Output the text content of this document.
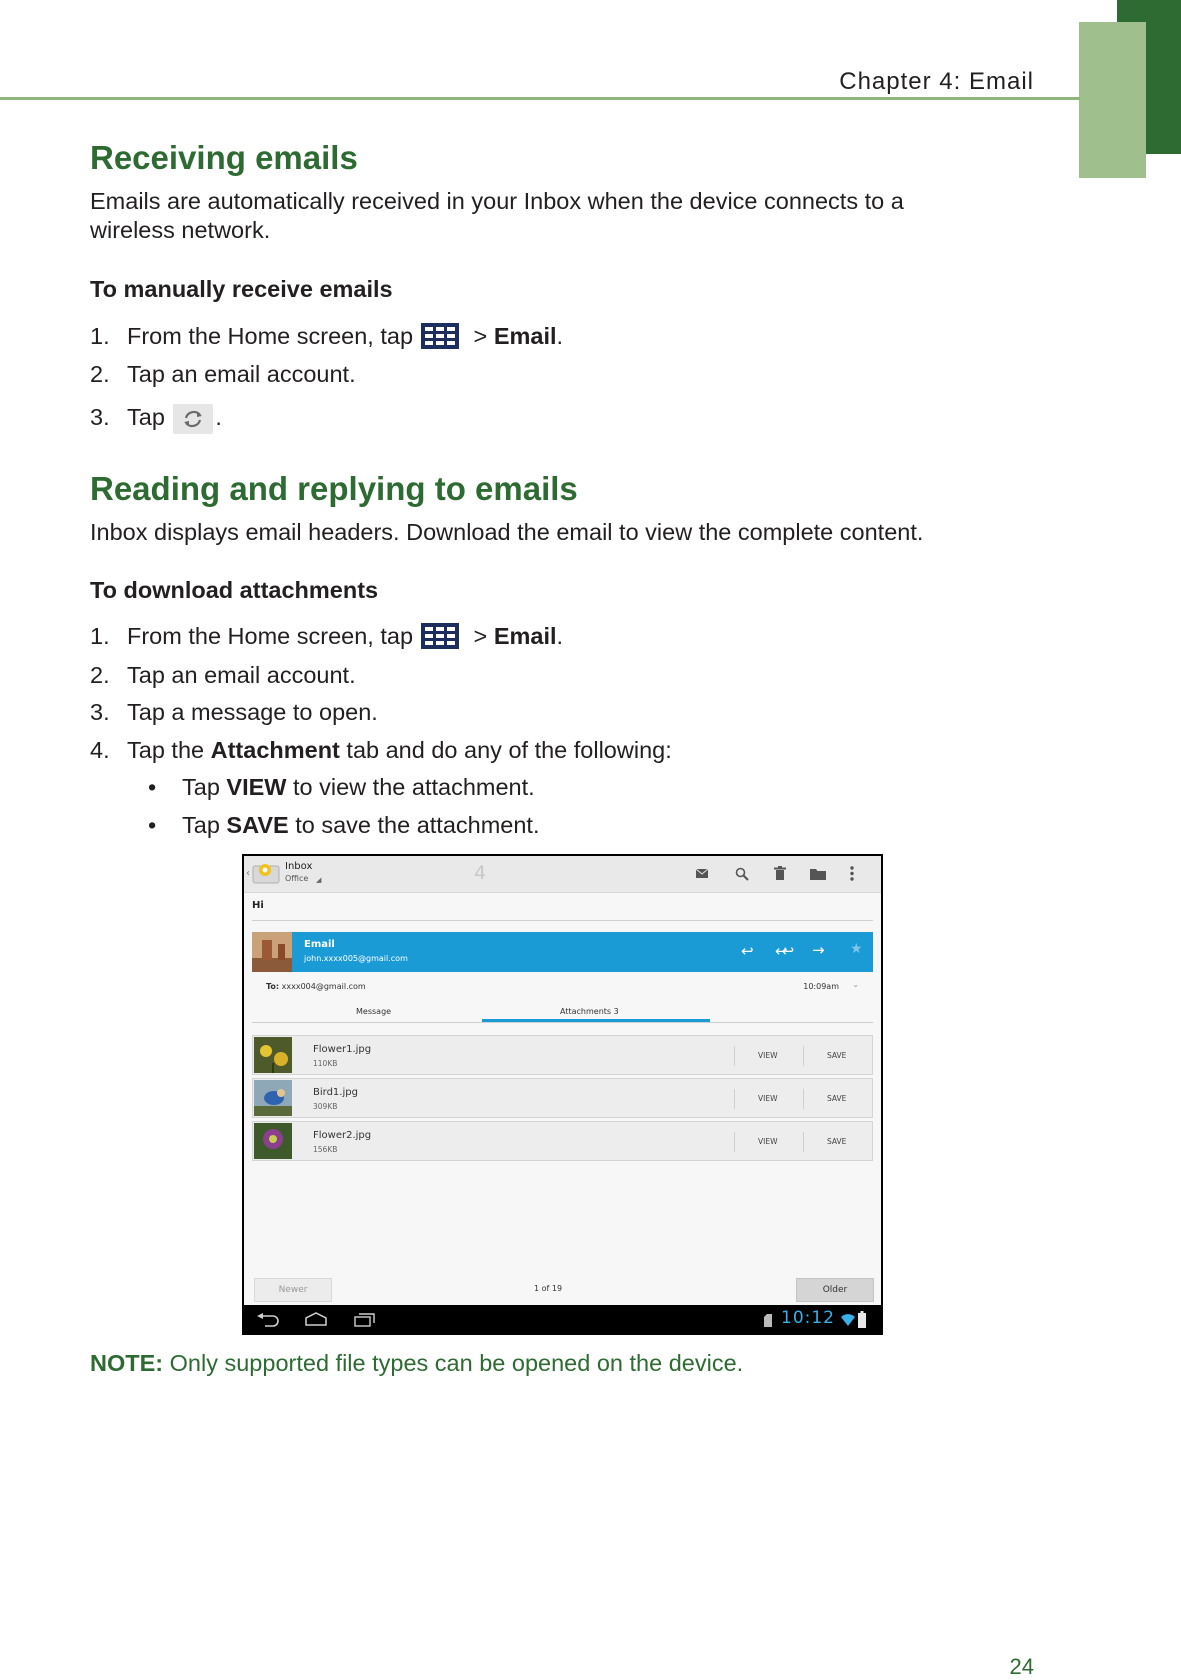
Chapter 4: Email
Receiving emails

Emails are automatically received in your Inbox when the device connects to a wireless network.

To manually receive emails
1. From the Home screen, tap > Email.
2. Tap an email account.
3. Tap .
Reading and replying to emails

Inbox displays email headers. Download the email to view the complete content.

To download attachments
1. From the Home screen, tap > Email.
2. Tap an email account.
3. Tap a message to open.
4. Tap the Attachment tab and do any of the following:
• Tap VIEW to view the attachment.
• Tap SAVE to save the attachment.
‹
Inbox
Office ◢	4
Hi
Email
john.xxxx005@gmail.com	↩ ↩↩ → ★
To: xxxx004@gmail.com	10:09am ⌄
Message	Attachments 3
Flower1.jpg
110KB
VIEW	SAVE
Bird1.jpg
309KB
VIEW	SAVE
Flower2.jpg
156KB
VIEW	SAVE
Newer	1 of 19	Older
10:12
NOTE: Only supported file types can be opened on the device.
24
